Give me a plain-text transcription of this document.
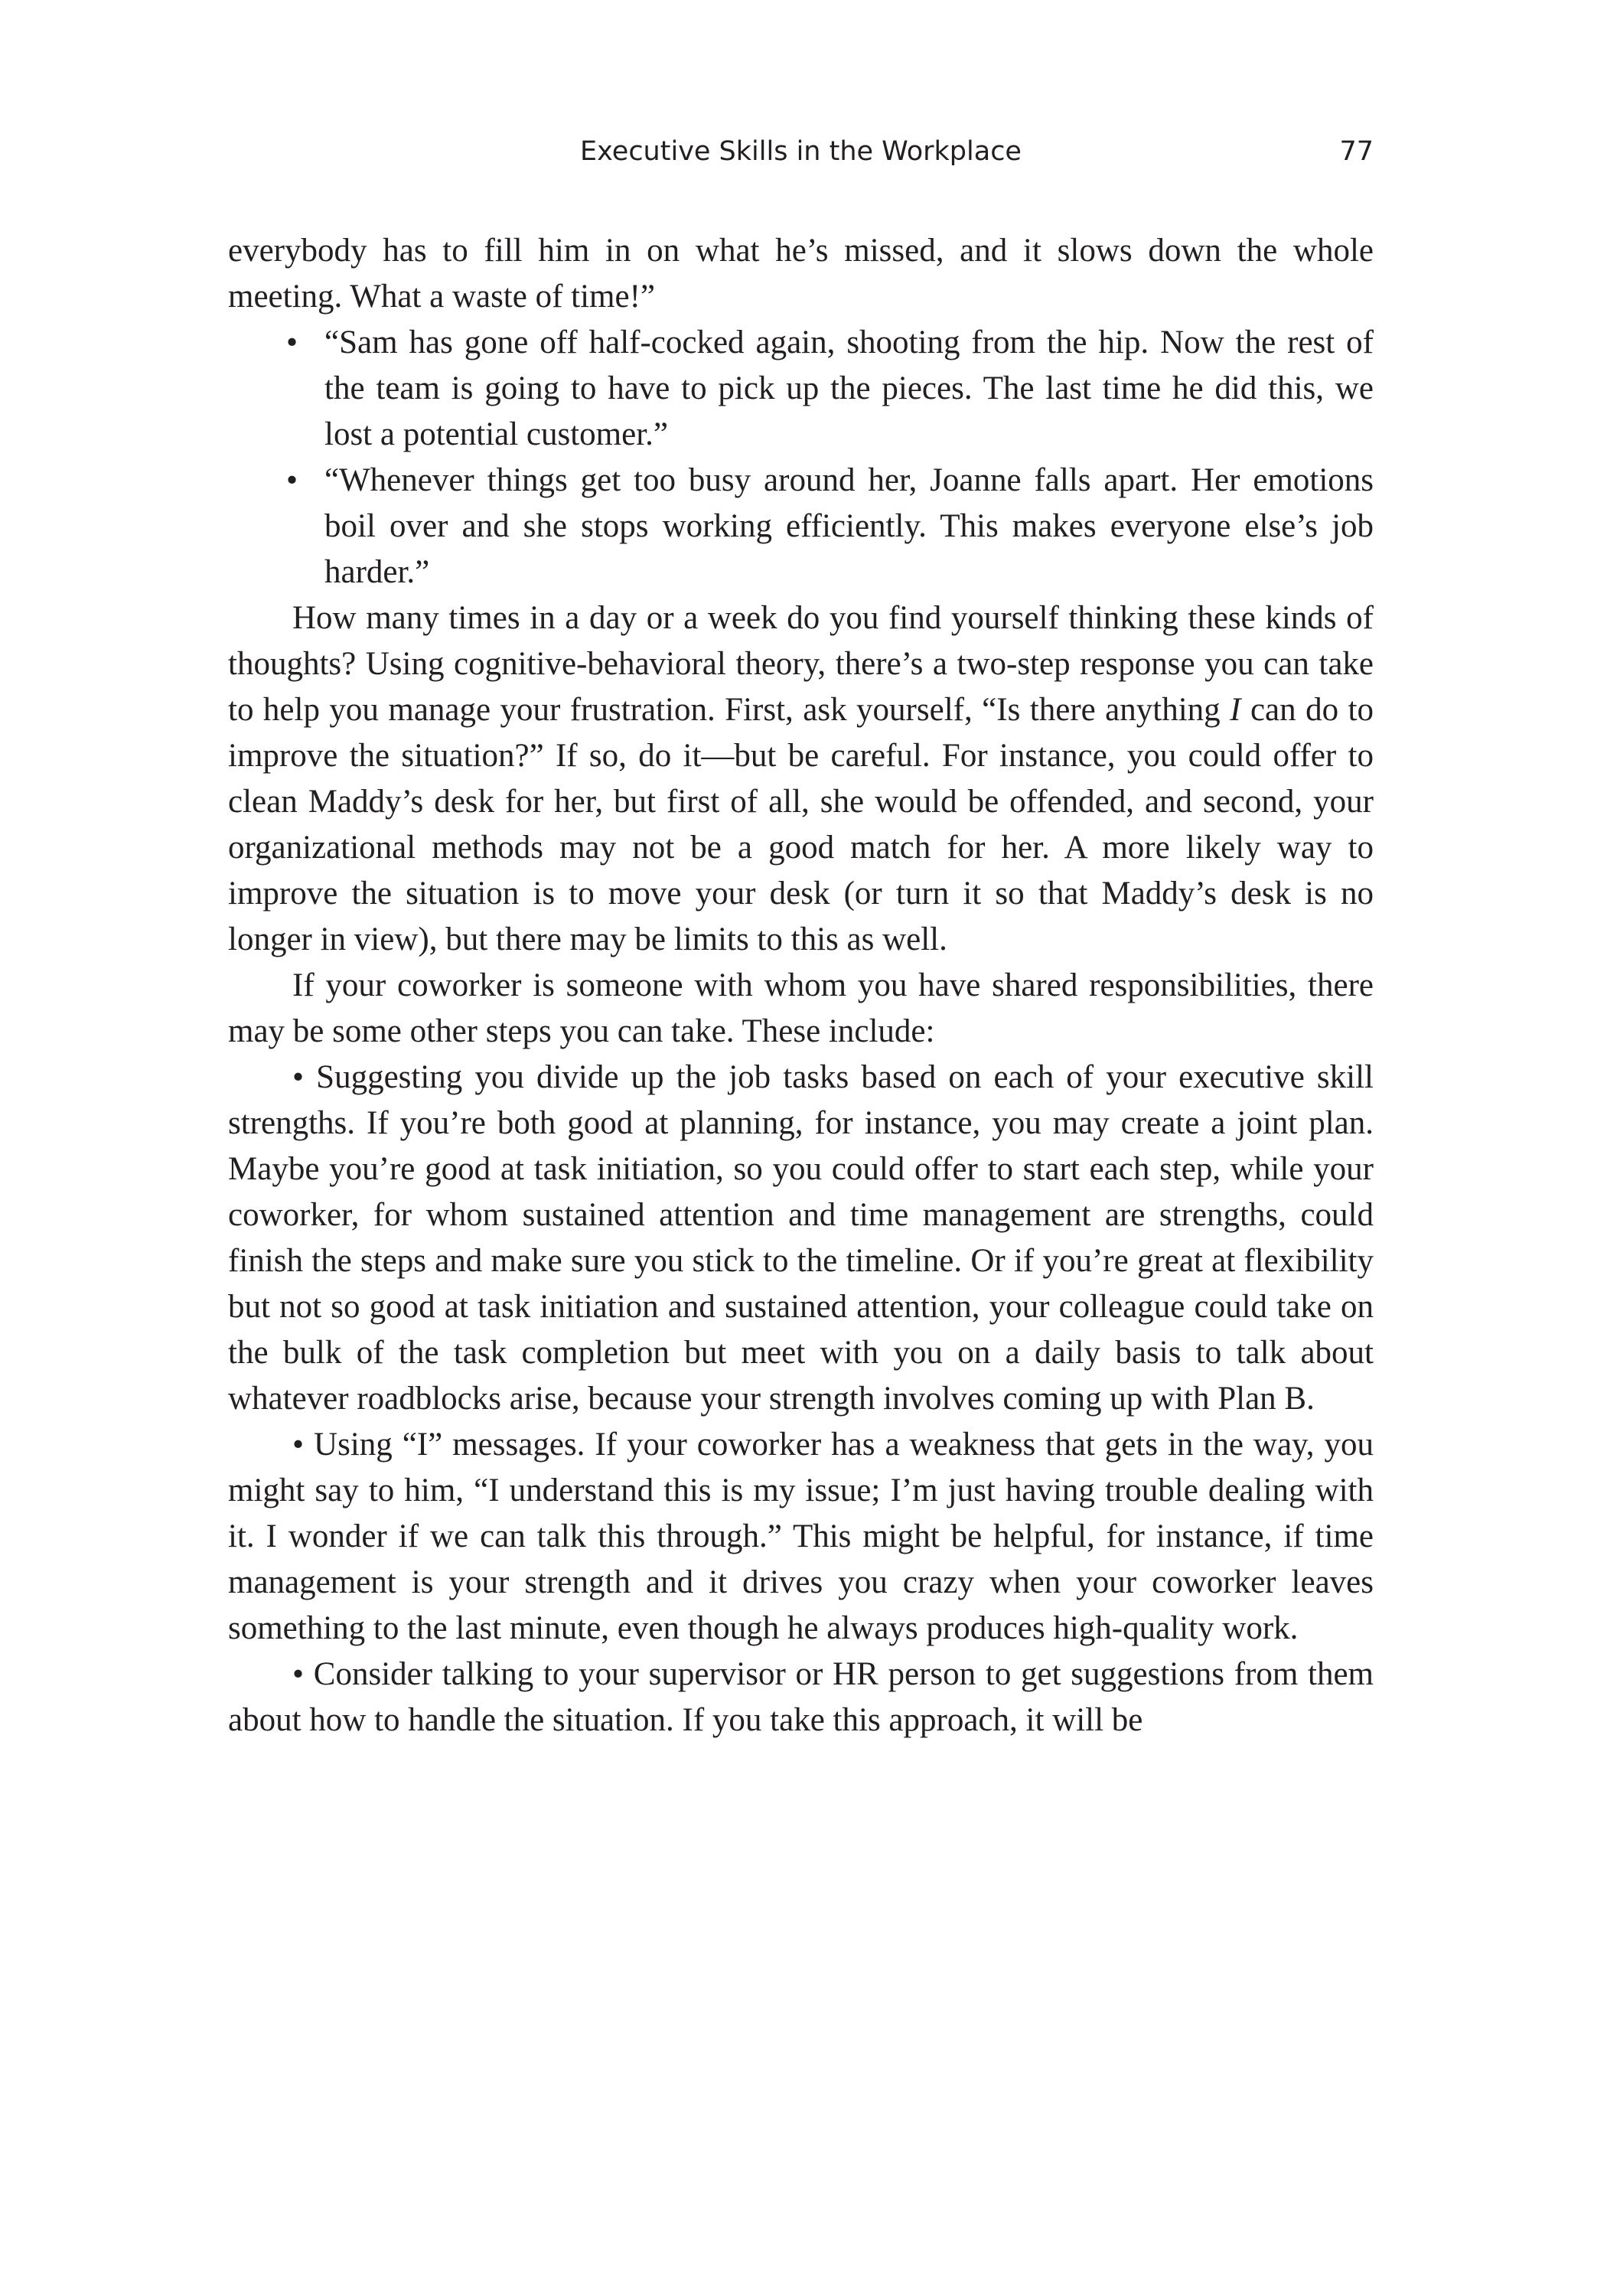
Executive Skills in the Workplace	77

everybody has to fill him in on what he’s missed, and it slows down the whole meeting. What a waste of time!”

• “Sam has gone off half-cocked again, shooting from the hip. Now the rest of the team is going to have to pick up the pieces. The last time he did this, we lost a potential customer.”

• “Whenever things get too busy around her, Joanne falls apart. Her emotions boil over and she stops working efficiently. This makes everyone else’s job harder.”

How many times in a day or a week do you find yourself thinking these kinds of thoughts? Using cognitive-behavioral theory, there’s a two-step response you can take to help you manage your frustration. First, ask yourself, “Is there anything I can do to improve the situation?” If so, do it—but be careful. For instance, you could offer to clean Maddy’s desk for her, but first of all, she would be offended, and second, your organizational methods may not be a good match for her. A more likely way to improve the situation is to move your desk (or turn it so that Maddy’s desk is no longer in view), but there may be limits to this as well.

If your coworker is someone with whom you have shared responsibilities, there may be some other steps you can take. These include:

• Suggesting you divide up the job tasks based on each of your executive skill strengths. If you’re both good at planning, for instance, you may create a joint plan. Maybe you’re good at task initiation, so you could offer to start each step, while your coworker, for whom sustained attention and time management are strengths, could finish the steps and make sure you stick to the timeline. Or if you’re great at flexibility but not so good at task initiation and sustained attention, your colleague could take on the bulk of the task completion but meet with you on a daily basis to talk about whatever roadblocks arise, because your strength involves coming up with Plan B.

• Using “I” messages. If your coworker has a weakness that gets in the way, you might say to him, “I understand this is my issue; I’m just having trouble dealing with it. I wonder if we can talk this through.” This might be helpful, for instance, if time management is your strength and it drives you crazy when your coworker leaves something to the last minute, even though he always produces high-quality work.

• Consider talking to your supervisor or HR person to get suggestions from them about how to handle the situation. If you take this approach, it will be
